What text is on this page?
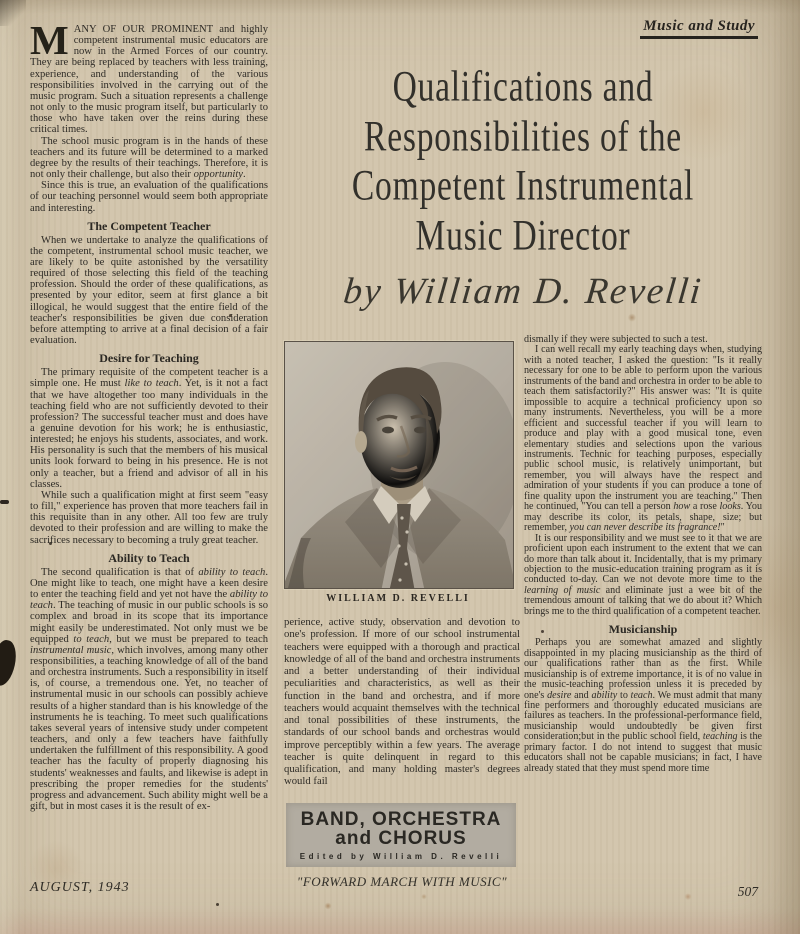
Music and Study

MANY OF OUR PROMINENT and highly competent instrumental music educators are now in the Armed Forces of our country. They are being replaced by teachers with less training, experience, and understanding of the various responsibilities involved in the carrying out of the music program. Such a situation represents a challenge not only to the music program itself, but particularly to those who have taken over the reins during these critical times.

The school music program is in the hands of these teachers and its future will be determined to a marked degree by the results of their teachings. Therefore, it is not only their challenge, but also their opportunity.

Since this is true, an evaluation of the qualifications of our teaching personnel would seem both appropriate and interesting.

The Competent Teacher

When we undertake to analyze the qualifications of the competent, instrumental school music teacher, we are likely to be quite astonished by the versatility required of those selecting this field of the teaching profession. Should the order of these qualifications, as presented by your editor, seem at first glance a bit illogical, he would suggest that the entire field of the teacher's responsibilities be given due consideration before attempting to arrive at a final decision of a fair evaluation.

Desire for Teaching

The primary requisite of the competent teacher is a simple one. He must like to teach. Yet, is it not a fact that we have altogether too many individuals in the teaching field who are not sufficiently devoted to their profession? The successful teacher must and does have a genuine devotion for his work; he is enthusiastic, interested; he enjoys his students, associates, and work. His personality is such that the members of his musical units look forward to being in his presence. He is not only a teacher, but a friend and advisor of all in his classes.

While such a qualification might at first seem "easy to fill," experience has proven that more teachers fail in this requisite than in any other. All too few are truly devoted to their profession and are willing to make the sacrifices necessary to becoming a truly great teacher.

Ability to Teach

The second qualification is that of ability to teach. One might like to teach, one might have a keen desire to enter the teaching field and yet not have the ability to teach. The teaching of music in our public schools is so complex and broad in its scope that its importance might easily be underestimated. Not only must we be equipped to teach, but we must be prepared to teach instrumental music, which involves, among many other responsibilities, a teaching knowledge of all of the band and orchestra instruments. Such a responsibility in itself is, of course, a tremendous one. Yet, no teacher of instrumental music in our schools can possibly achieve results of a higher standard than is his knowledge of the instruments he is teaching. To meet such qualifications takes several years of intensive study under competent teachers, and only a few teachers have faithfully undertaken the fulfillment of this responsibility. A good teacher has the faculty of properly diagnosing his students' weaknesses and faults, and likewise is adept in prescribing the proper remedies for the students' progress and advancement. Such ability might well be a gift, but in most cases it is the result of ex-

Qualifications and
Responsibilities of the
Competent Instrumental
Music Director
by William D. Revelli
WILLIAM D. REVELLI

perience, active study, observation and devotion to one's profession. If more of our school instrumental teachers were equipped with a thorough and practical knowledge of all of the band and orchestra instruments and a better understanding of their individual peculiarities and characteristics, as well as their function in the band and orchestra, and if more teachers would acquaint themselves with the technical and tonal possibilities of these instruments, the standards of our school bands and orchestras would improve perceptibly within a few years. The average teacher is quite delinquent in regard to this qualification, and many holding master's degrees would fail

dismally if they were subjected to such a test.

I can well recall my early teaching days when, studying with a noted teacher, I asked the question: "Is it really necessary for one to be able to perform upon the various instruments of the band and orchestra in order to be able to teach them satisfactorily?" His answer was: "It is quite impossible to acquire a technical proficiency upon so many instruments. Nevertheless, you will be a more efficient and successful teacher if you will learn to produce and play with a good musical tone, even elementary studies and selections upon the various instruments. Technic for teaching purposes, especially public school music, is relatively unimportant, but remember, you will always have the respect and admiration of your students if you can produce a tone of fine quality upon the instrument you are teaching." Then he continued, "You can tell a person how a rose looks. You may describe its color, its petals, shape, size; but remember, you can never describe its fragrance!"

It is our responsibility and we must see to it that we are proficient upon each instrument to the extent that we can do more than talk about it. Incidentally, that is my primary objection to the music-education training program as it is conducted to-day. Can we not devote more time to the learning of music and eliminate just a wee bit of the tremendous amount of talking that we do about it? Which brings me to the third qualification of a competent teacher.

Musicianship

Perhaps you are somewhat amazed and slightly disappointed in my placing musicianship as the third of our qualifications rather than as the first. While musicianship is of extreme importance, it is of no value in the music-teaching profession unless it is preceded by one's desire and ability to teach. We must admit that many fine performers and thoroughly educated musicians are failures as teachers. In the professional-performance field, musicianship would undoubtedly be given first consideration;but in the public school field, teaching is the primary factor. I do not intend to suggest that music educators shall not be capable musicians; in fact, I have already stated that they must spend more time

BAND, ORCHESTRA
and CHORUS
Edited by William D. Revelli
"FORWARD MARCH WITH MUSIC"
AUGUST, 1943	507
